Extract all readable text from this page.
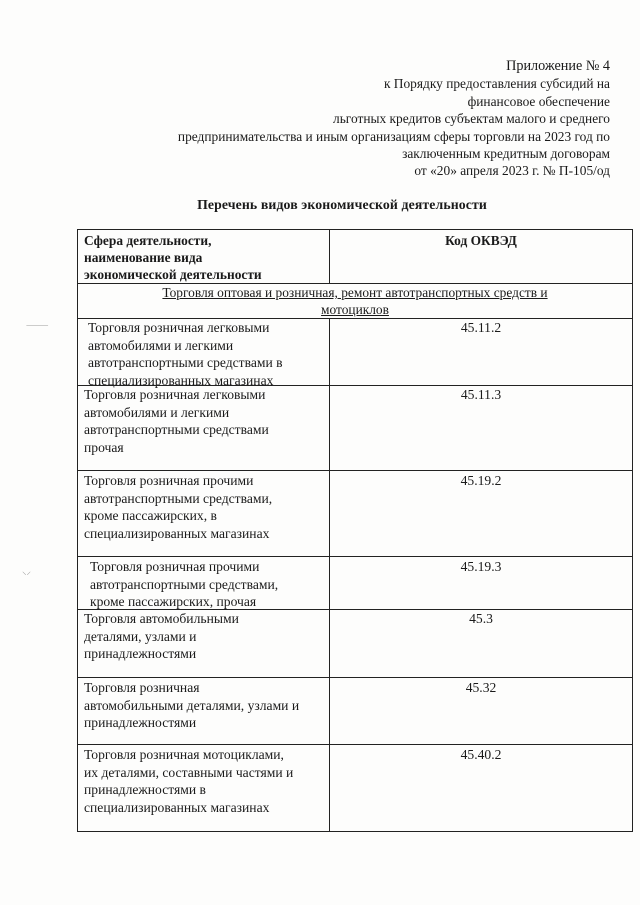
Приложение № 4
к Порядку предоставления субсидий на
финансовое обеспечение
льготных кредитов субъектам малого и среднего
предпринимательства и иным организациям сферы торговли на 2023 год по
заключенным кредитным договорам
от «20» апреля 2023 г. № П-105/од
Перечень видов экономической деятельности
Сфера деятельности,
наименование вида
экономической деятельности
Код ОКВЭД
Торговля оптовая и розничная, ремонт автотранспортных средств и
мотоциклов
Торговля розничная легковыми
автомобилями и легкими
автотранспортными средствами в
специализированных магазинах
45.11.2
Торговля розничная легковыми
автомобилями и легкими
автотранспортными средствами
прочая
45.11.3
Торговля розничная прочими
автотранспортными средствами,
кроме пассажирских, в
специализированных магазинах
45.19.2
Торговля розничная прочими
автотранспортными средствами,
кроме пассажирских, прочая
45.19.3
Торговля автомобильными
деталями, узлами и
принадлежностями
45.3
Торговля розничная
автомобильными деталями, узлами и
принадлежностями
45.32
Торговля розничная мотоциклами,
их деталями, составными частями и
принадлежностями в
специализированных магазинах
45.40.2
⸻
⸌⸍
